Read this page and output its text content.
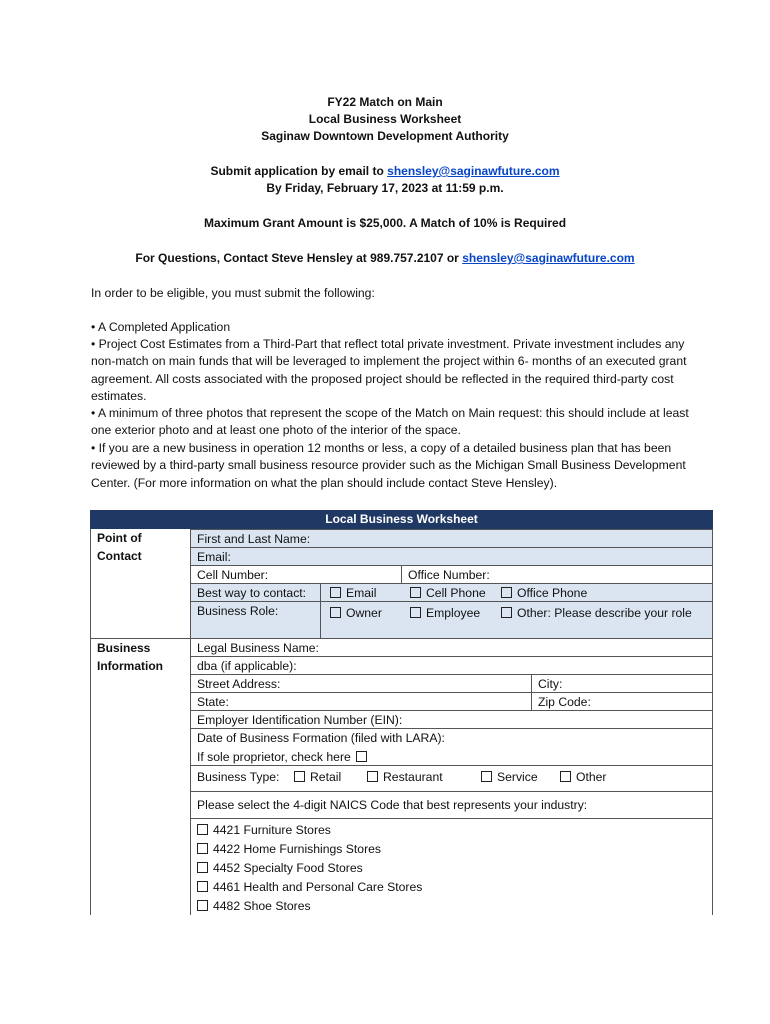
FY22 Match on Main
Local Business Worksheet
Saginaw Downtown Development Authority
Submit application by email to shensley@saginawfuture.com
By Friday, February 17, 2023 at 11:59 p.m.
Maximum Grant Amount is $25,000. A Match of 10% is Required
For Questions, Contact Steve Hensley at 989.757.2107 or shensley@saginawfuture.com
In order to be eligible, you must submit the following:
• A Completed Application
• Project Cost Estimates from a Third-Part that reflect total private investment. Private investment includes any non-match on main funds that will be leveraged to implement the project within 6- months of an executed grant agreement. All costs associated with the proposed project should be reflected in the required third-party cost estimates.
• A minimum of three photos that represent the scope of the Match on Main request: this should include at least one exterior photo and at least one photo of the interior of the space.
• If you are a new business in operation 12 months or less, a copy of a detailed business plan that has been reviewed by a third-party small business resource provider such as the Michigan Small Business Development Center. (For more information on what the plan should include contact Steve Hensley).
Local Business Worksheet
Point of
Contact
First and Last Name:
Email:
Cell Number:	Office Number:
Best way to contact:	Email	Cell Phone	Office Phone
Business Role:	Owner	Employee	Other: Please describe your role
Business
Information
Legal Business Name:
dba (if applicable):
Street Address:	City:
State:	Zip Code:
Employer Identification Number (EIN):
Date of Business Formation (filed with LARA):
If sole proprietor, check here
Business Type:	Retail	Restaurant	Service	Other
Please select the 4-digit NAICS Code that best represents your industry:
4421 Furniture Stores
4422 Home Furnishings Stores
4452 Specialty Food Stores
4461 Health and Personal Care Stores
4482 Shoe Stores
